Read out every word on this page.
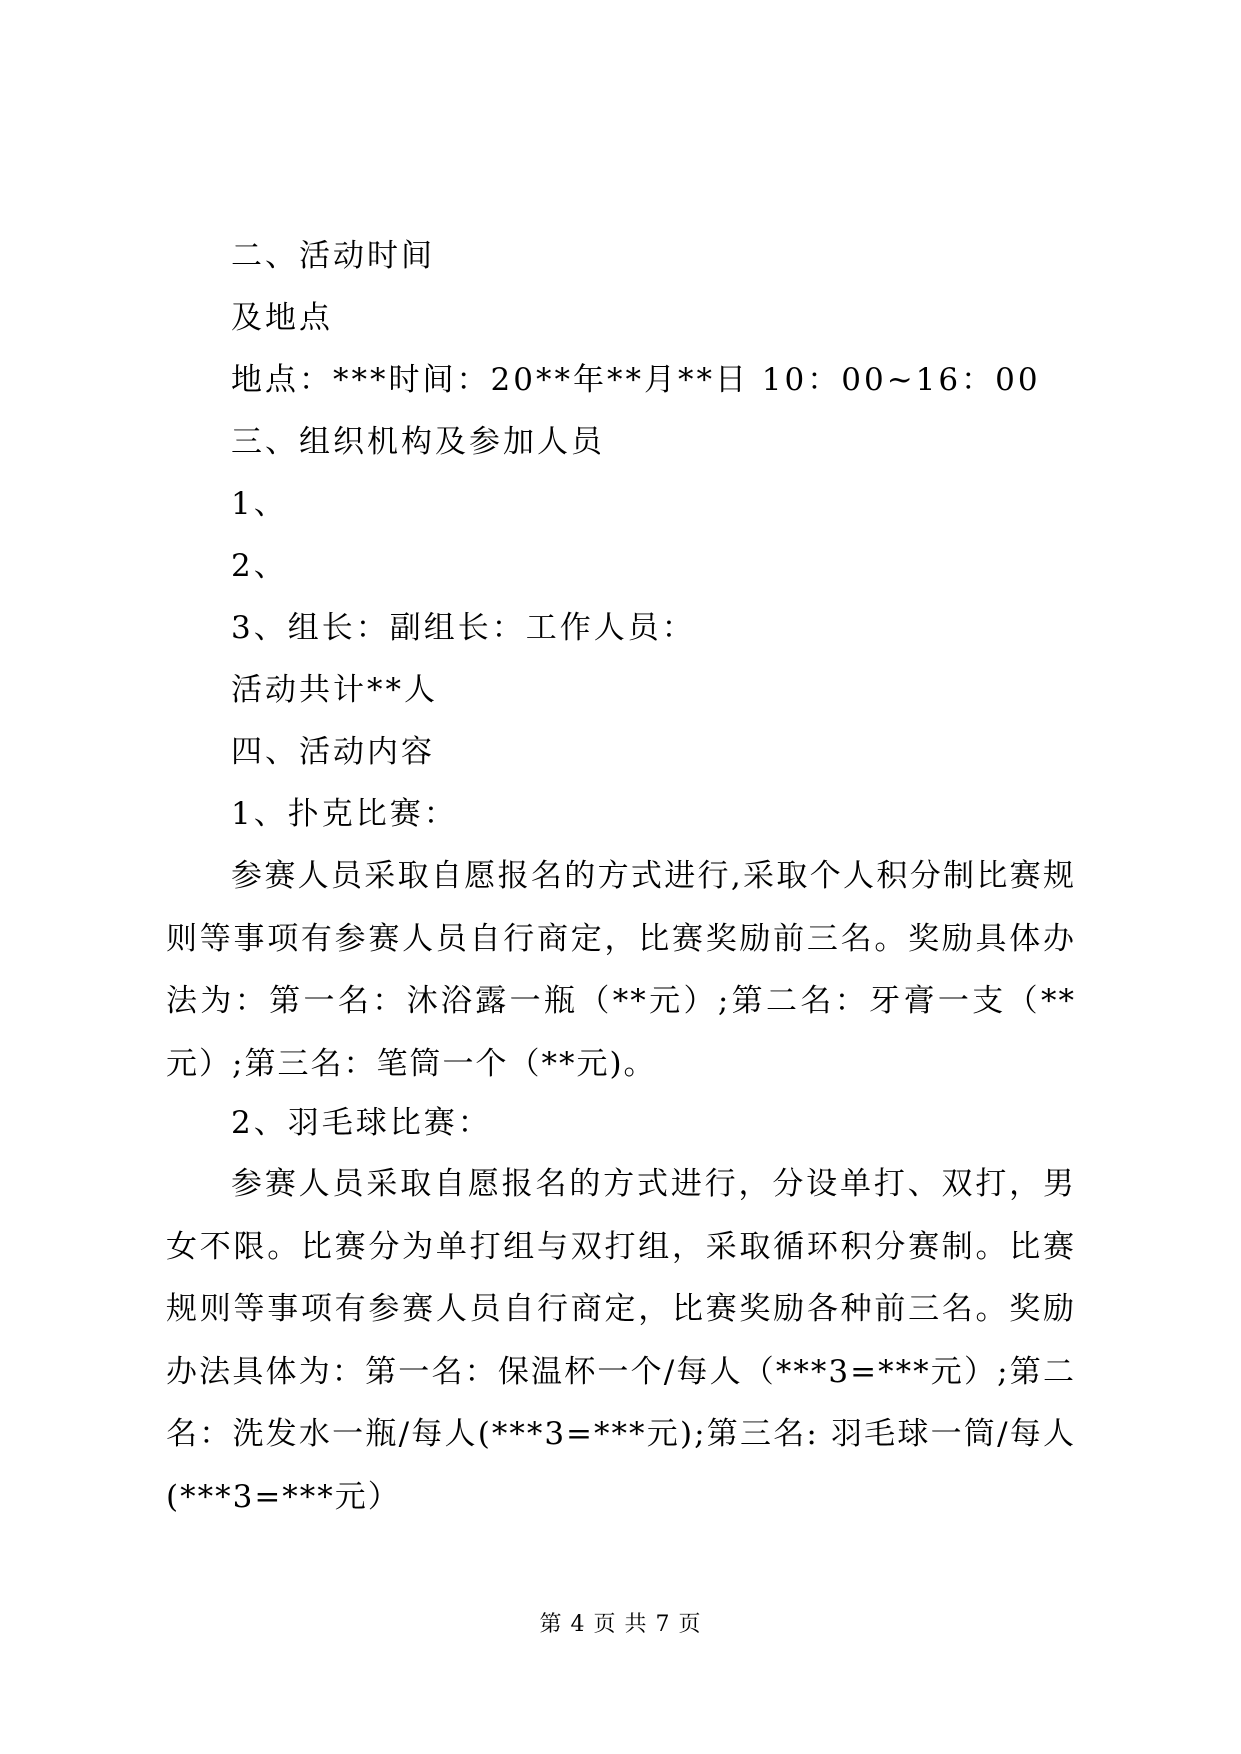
二、活动时间
及地点
地点：***时间：20**年**月**日 10：00~16：00
三、组织机构及参加人员
1、
2、
3、组长：副组长：工作人员：
活动共计**人
四、活动内容
1、扑克比赛：
参赛人员采取自愿报名的方式进行,采取个人积分制比赛规则等事项有参赛人员自行商定，比赛奖励前三名。奖励具体办法为：第一名：沐浴露一瓶（**元）;第二名：牙膏一支（**元）;第三名：笔筒一个（**元)。
2、羽毛球比赛：
参赛人员采取自愿报名的方式进行，分设单打、双打，男女不限。比赛分为单打组与双打组，采取循环积分赛制。比赛规则等事项有参赛人员自行商定，比赛奖励各种前三名。奖励办法具体为：第一名：保温杯一个/每人（***3=***元）;第二名：洗发水一瓶/每人(***3=***元);第三名: 羽毛球一筒/每人(***3=***元）
第 4 页 共 7 页
